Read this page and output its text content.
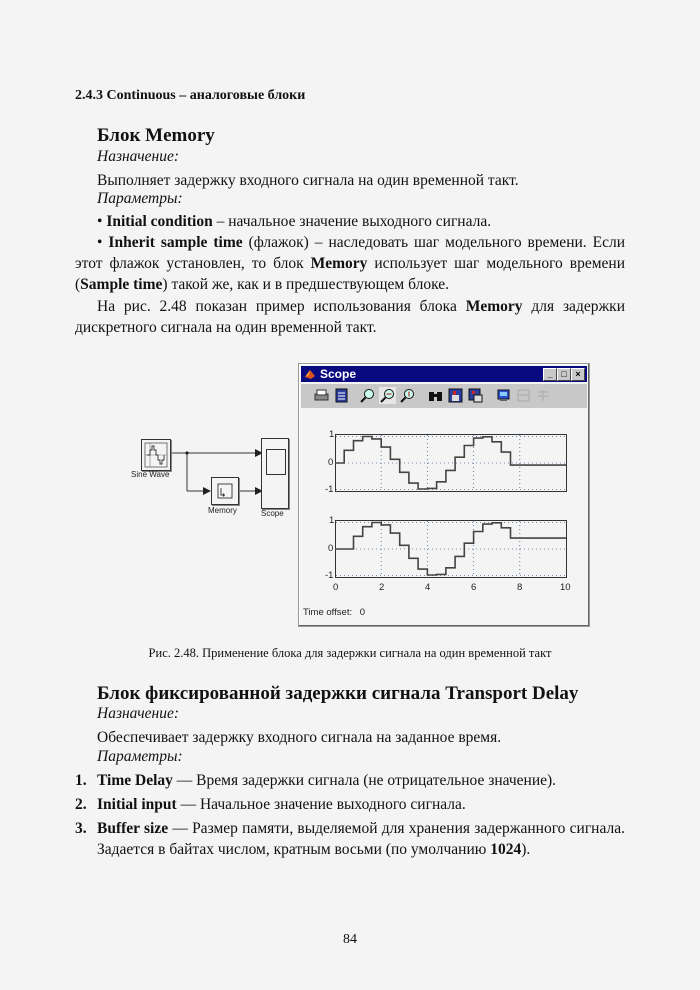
2.4.3 Continuous – аналоговые блоки
Блок Memory
Назначение:
Выполняет задержку входного сигнала на один временной такт.
Параметры:
• Initial condition – начальное значение выходного сигнала.
• Inherit sample time (флажок) – наследовать шаг модельного времени. Если этот флажок установлен, то блок Memory использует шаг модельного времени (Sample time) такой же, как и в предшествующем блоке.
На рис. 2.48 показан пример использования блока Memory для задержки дискретного сигнала на один временной такт.
Sine Wave
Memory	Scope
Scope	_ □ ×
1
0
-1
1
0
-1
0	2	4	6	8	10
Time offset: 0
Рис. 2.48. Применение блока для задержки сигнала на один временной такт
Блок фиксированной задержки сигнала Transport Delay
Назначение:
Обеспечивает задержку входного сигнала на заданное время.
Параметры:
1. Time Delay — Время задержки сигнала (не отрицательное значение).
2. Initial input — Начальное значение выходного сигнала.
3. Buffer size — Размер памяти, выделяемой для хранения задержанного сигнала. Задается в байтах числом, кратным восьми (по умолчанию 1024).
84
